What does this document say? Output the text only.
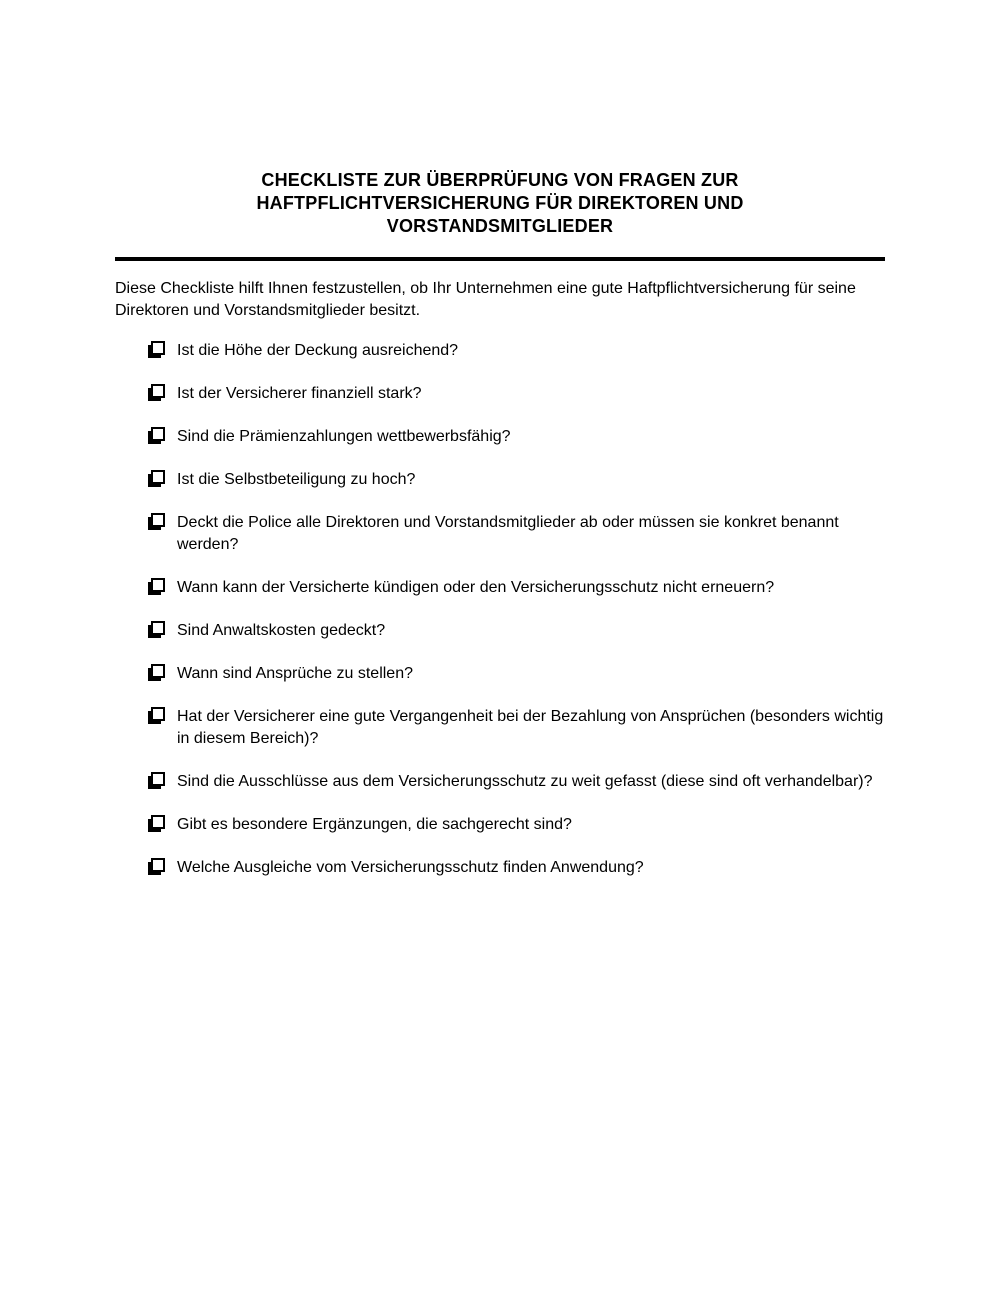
CHECKLISTE ZUR ÜBERPRÜFUNG VON FRAGEN ZUR
HAFTPFLICHTVERSICHERUNG FÜR DIREKTOREN UND
VORSTANDSMITGLIEDER

Diese Checkliste hilft Ihnen festzustellen, ob Ihr Unternehmen eine gute Haftpflichtversicherung für seine Direktoren und Vorstandsmitglieder besitzt.

Ist die Höhe der Deckung ausreichend?
Ist der Versicherer finanziell stark?
Sind die Prämienzahlungen wettbewerbsfähig?
Ist die Selbstbeteiligung zu hoch?
Deckt die Police alle Direktoren und Vorstandsmitglieder ab oder müssen sie konkret benannt werden?
Wann kann der Versicherte kündigen oder den Versicherungsschutz nicht erneuern?
Sind Anwaltskosten gedeckt?
Wann sind Ansprüche zu stellen?
Hat der Versicherer eine gute Vergangenheit bei der Bezahlung von Ansprüchen (besonders wichtig in diesem Bereich)?
Sind die Ausschlüsse aus dem Versicherungsschutz zu weit gefasst (diese sind oft verhandelbar)?
Gibt es besondere Ergänzungen, die sachgerecht sind?
Welche Ausgleiche vom Versicherungsschutz finden Anwendung?
